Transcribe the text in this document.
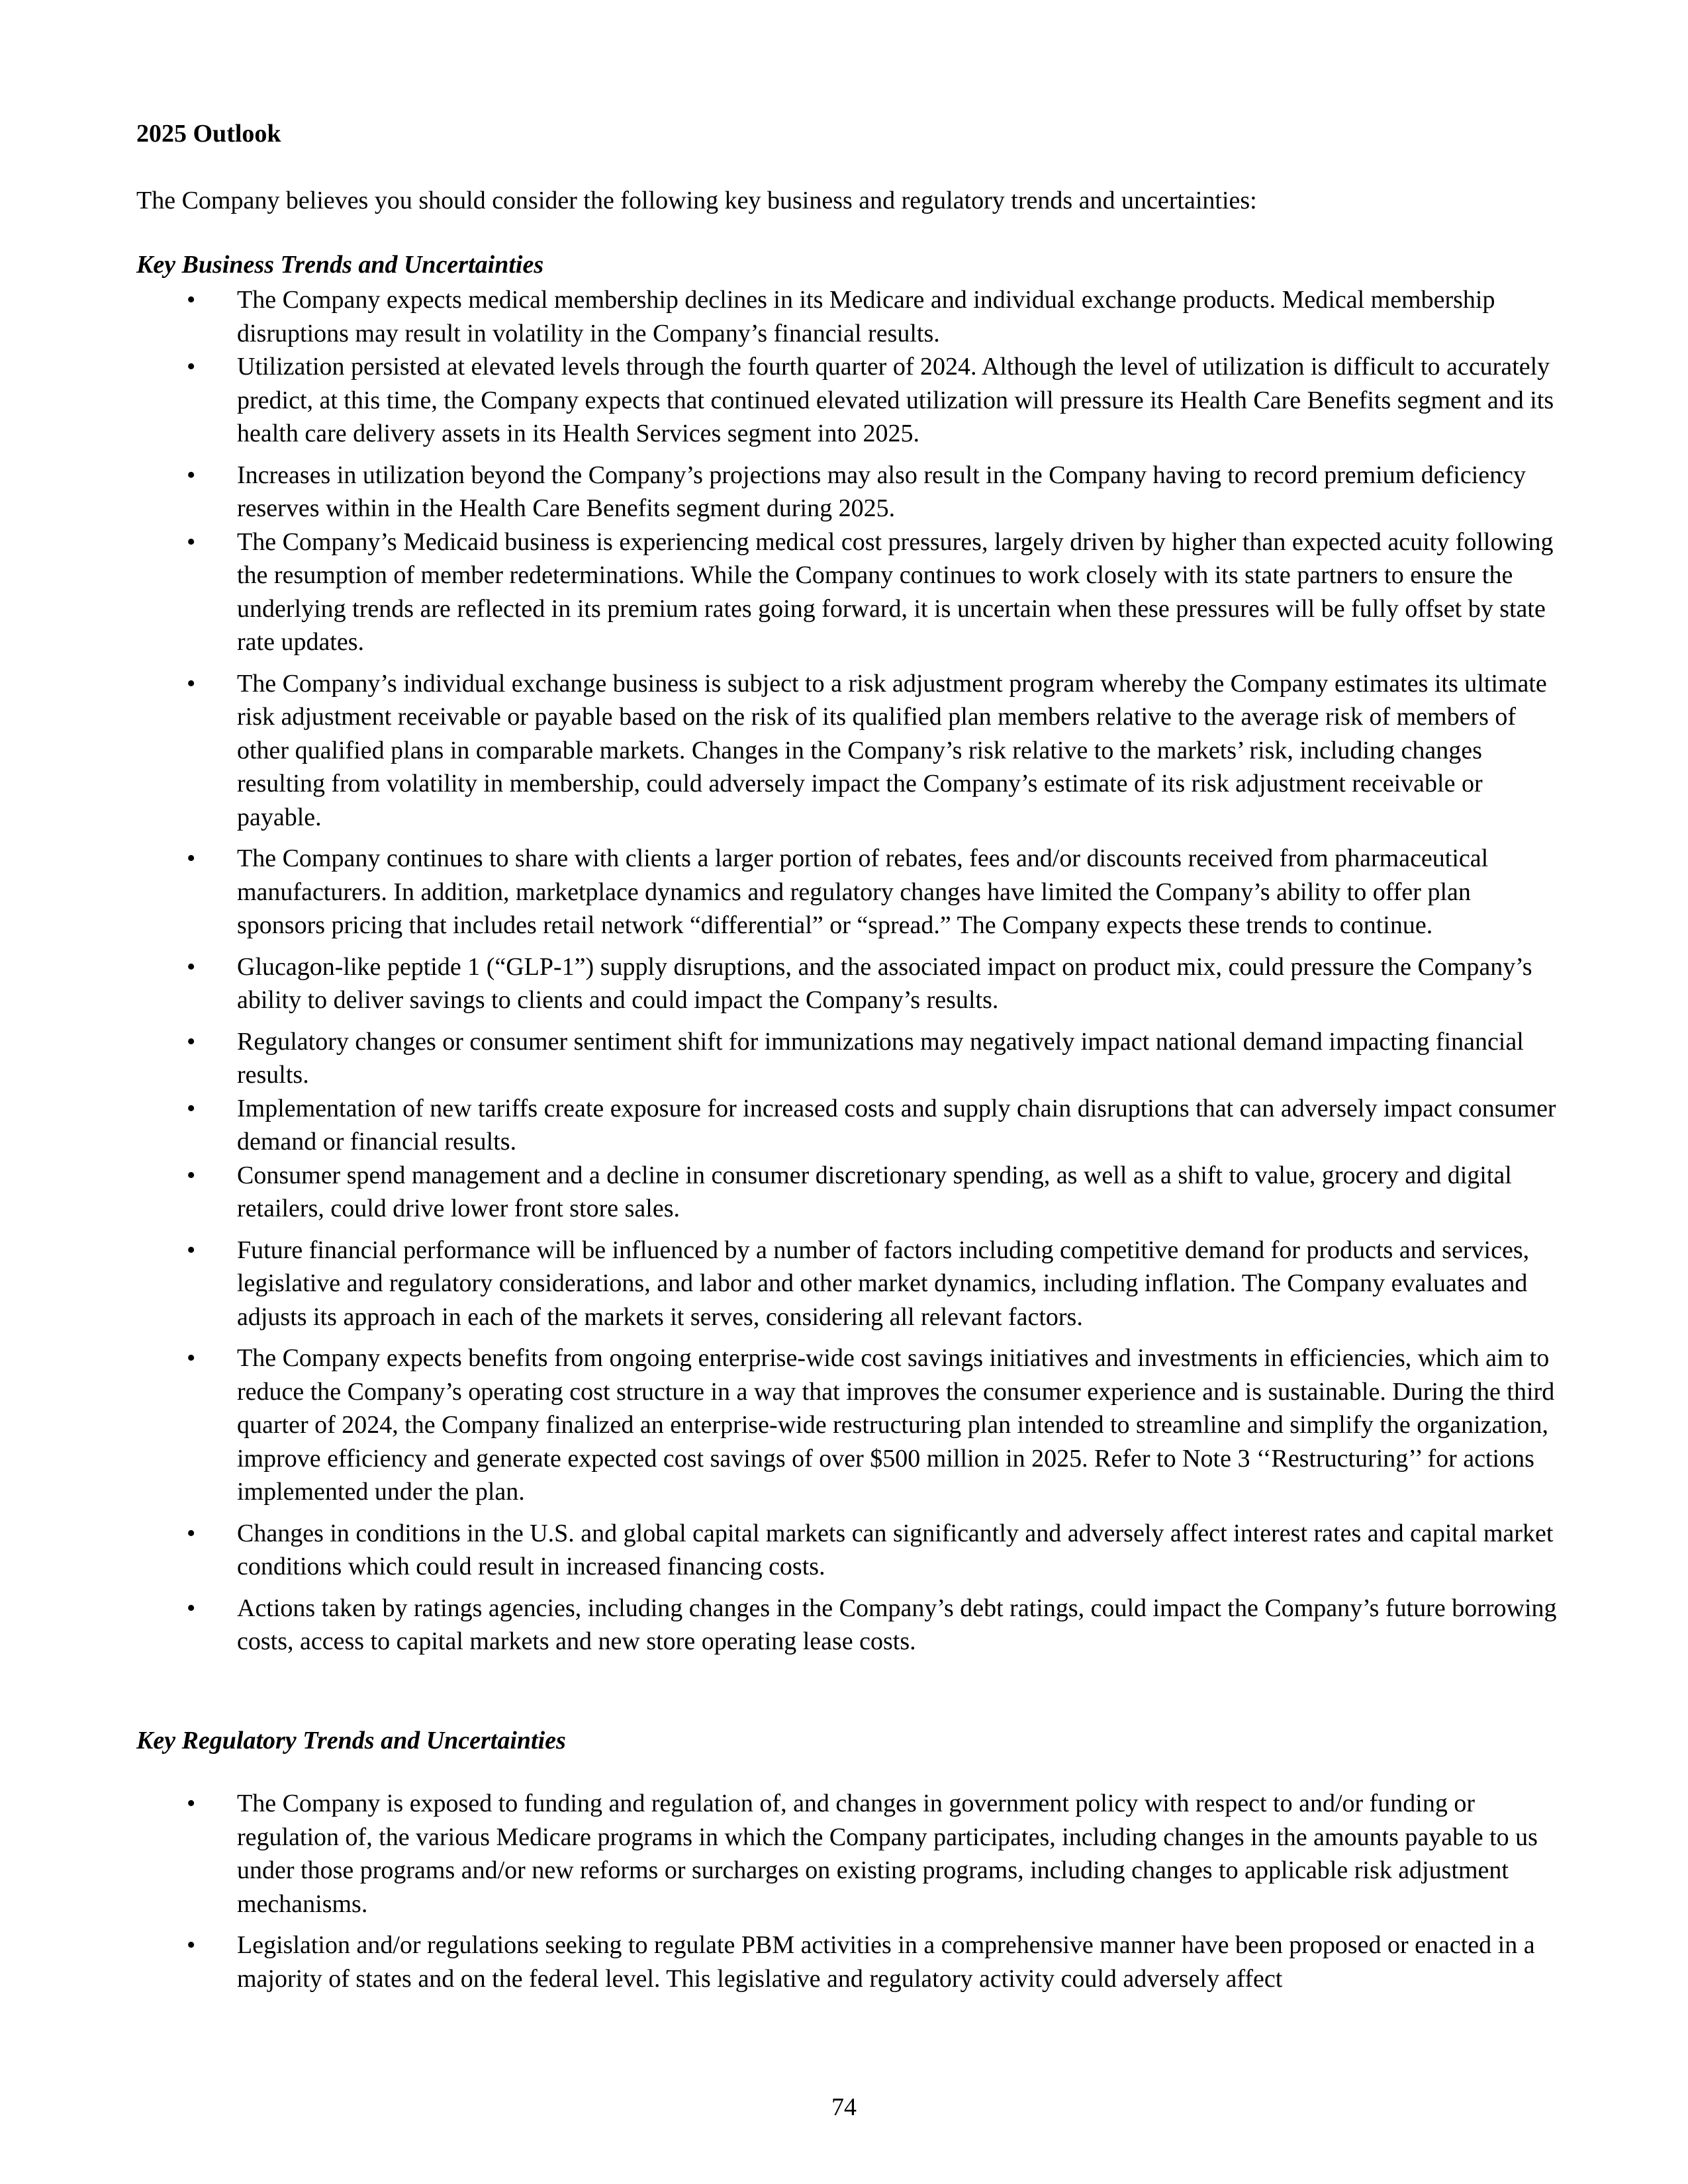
2025 Outlook

The Company believes you should consider the following key business and regulatory trends and uncertainties:

Key Business Trends and Uncertainties

• The Company expects medical membership declines in its Medicare and individual exchange products. Medical membership disruptions may result in volatility in the Company’s financial results.
• Utilization persisted at elevated levels through the fourth quarter of 2024. Although the level of utilization is difficult to accurately predict, at this time, the Company expects that continued elevated utilization will pressure its Health Care Benefits segment and its health care delivery assets in its Health Services segment into 2025.
• Increases in utilization beyond the Company’s projections may also result in the Company having to record premium deficiency reserves within in the Health Care Benefits segment during 2025.
• The Company’s Medicaid business is experiencing medical cost pressures, largely driven by higher than expected acuity following the resumption of member redeterminations. While the Company continues to work closely with its state partners to ensure the underlying trends are reflected in its premium rates going forward, it is uncertain when these pressures will be fully offset by state rate updates.
• The Company’s individual exchange business is subject to a risk adjustment program whereby the Company estimates its ultimate risk adjustment receivable or payable based on the risk of its qualified plan members relative to the average risk of members of other qualified plans in comparable markets. Changes in the Company’s risk relative to the markets’ risk, including changes resulting from volatility in membership, could adversely impact the Company’s estimate of its risk adjustment receivable or payable.
• The Company continues to share with clients a larger portion of rebates, fees and/or discounts received from pharmaceutical manufacturers. In addition, marketplace dynamics and regulatory changes have limited the Company’s ability to offer plan sponsors pricing that includes retail network “differential” or “spread.” The Company expects these trends to continue.
• Glucagon-like peptide 1 (“GLP-1”) supply disruptions, and the associated impact on product mix, could pressure the Company’s ability to deliver savings to clients and could impact the Company’s results.
• Regulatory changes or consumer sentiment shift for immunizations may negatively impact national demand impacting financial results.
• Implementation of new tariffs create exposure for increased costs and supply chain disruptions that can adversely impact consumer demand or financial results.
• Consumer spend management and a decline in consumer discretionary spending, as well as a shift to value, grocery and digital retailers, could drive lower front store sales.
• Future financial performance will be influenced by a number of factors including competitive demand for products and services, legislative and regulatory considerations, and labor and other market dynamics, including inflation. The Company evaluates and adjusts its approach in each of the markets it serves, considering all relevant factors.
• The Company expects benefits from ongoing enterprise-wide cost savings initiatives and investments in efficiencies, which aim to reduce the Company’s operating cost structure in a way that improves the consumer experience and is sustainable. During the third quarter of 2024, the Company finalized an enterprise-wide restructuring plan intended to streamline and simplify the organization, improve efficiency and generate expected cost savings of over $500 million in 2025. Refer to Note 3 ‘‘Restructuring’’ for actions implemented under the plan.
• Changes in conditions in the U.S. and global capital markets can significantly and adversely affect interest rates and capital market conditions which could result in increased financing costs.
• Actions taken by ratings agencies, including changes in the Company’s debt ratings, could impact the Company’s future borrowing costs, access to capital markets and new store operating lease costs.

Key Regulatory Trends and Uncertainties

• The Company is exposed to funding and regulation of, and changes in government policy with respect to and/or funding or regulation of, the various Medicare programs in which the Company participates, including changes in the amounts payable to us under those programs and/or new reforms or surcharges on existing programs, including changes to applicable risk adjustment mechanisms.
• Legislation and/or regulations seeking to regulate PBM activities in a comprehensive manner have been proposed or enacted in a majority of states and on the federal level. This legislative and regulatory activity could adversely affect

74
